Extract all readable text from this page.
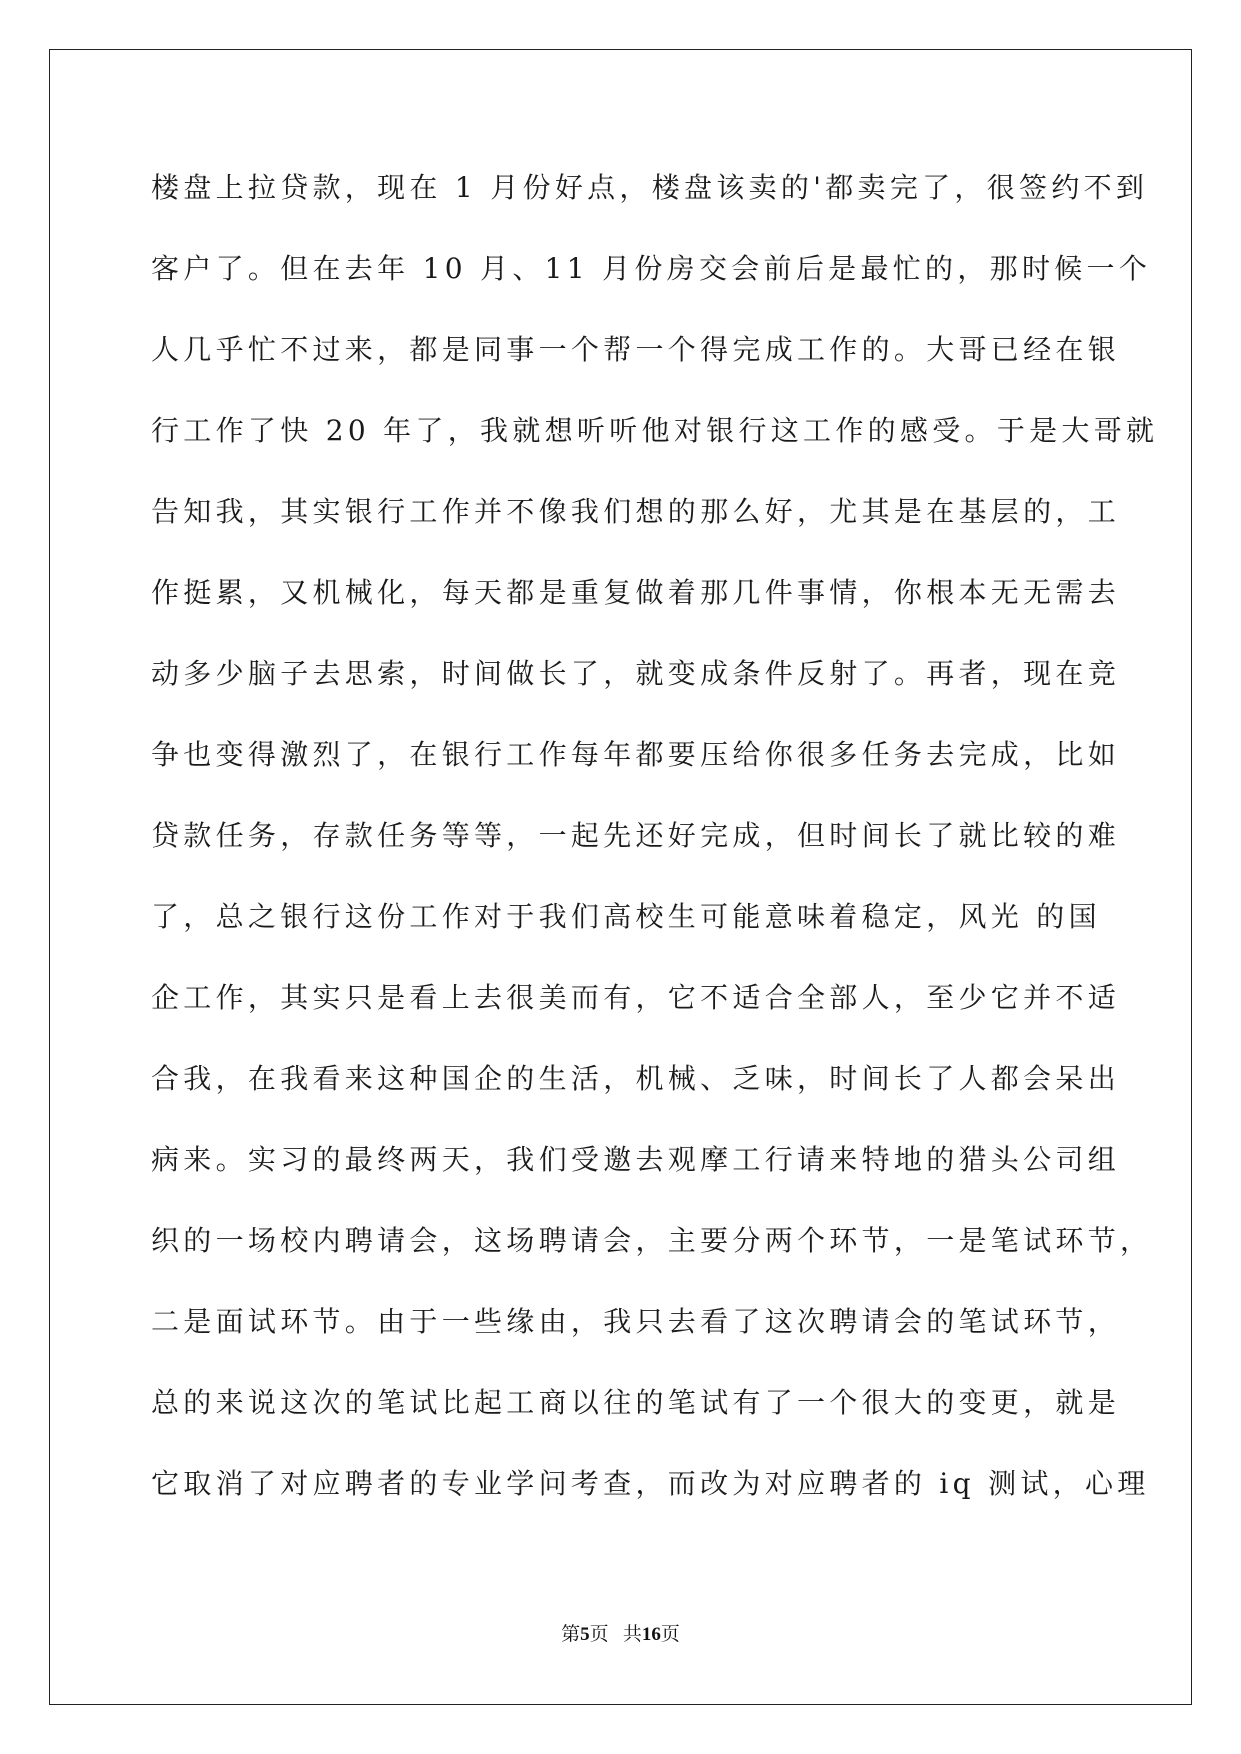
楼盘上拉贷款，现在 1 月份好点，楼盘该卖的'都卖完了，很签约不到
客户了。但在去年 10 月、11 月份房交会前后是最忙的，那时候一个
人几乎忙不过来，都是同事一个帮一个得完成工作的。大哥已经在银
行工作了快 20 年了，我就想听听他对银行这工作的感受。于是大哥就
告知我，其实银行工作并不像我们想的那么好，尤其是在基层的，工
作挺累，又机械化，每天都是重复做着那几件事情，你根本无无需去
动多少脑子去思索，时间做长了，就变成条件反射了。再者，现在竞
争也变得激烈了，在银行工作每年都要压给你很多任务去完成，比如
贷款任务，存款任务等等，一起先还好完成，但时间长了就比较的难
了，总之银行这份工作对于我们高校生可能意味着稳定，风光 的国
企工作，其实只是看上去很美而有，它不适合全部人，至少它并不适
合我，在我看来这种国企的生活，机械、乏味，时间长了人都会呆出
病来。实习的最终两天，我们受邀去观摩工行请来特地的猎头公司组
织的一场校内聘请会，这场聘请会，主要分两个环节，一是笔试环节，
二是面试环节。由于一些缘由，我只去看了这次聘请会的笔试环节，
总的来说这次的笔试比起工商以往的笔试有了一个很大的变更，就是
它取消了对应聘者的专业学问考查，而改为对应聘者的 iq 测试，心理
第5页 共16页
